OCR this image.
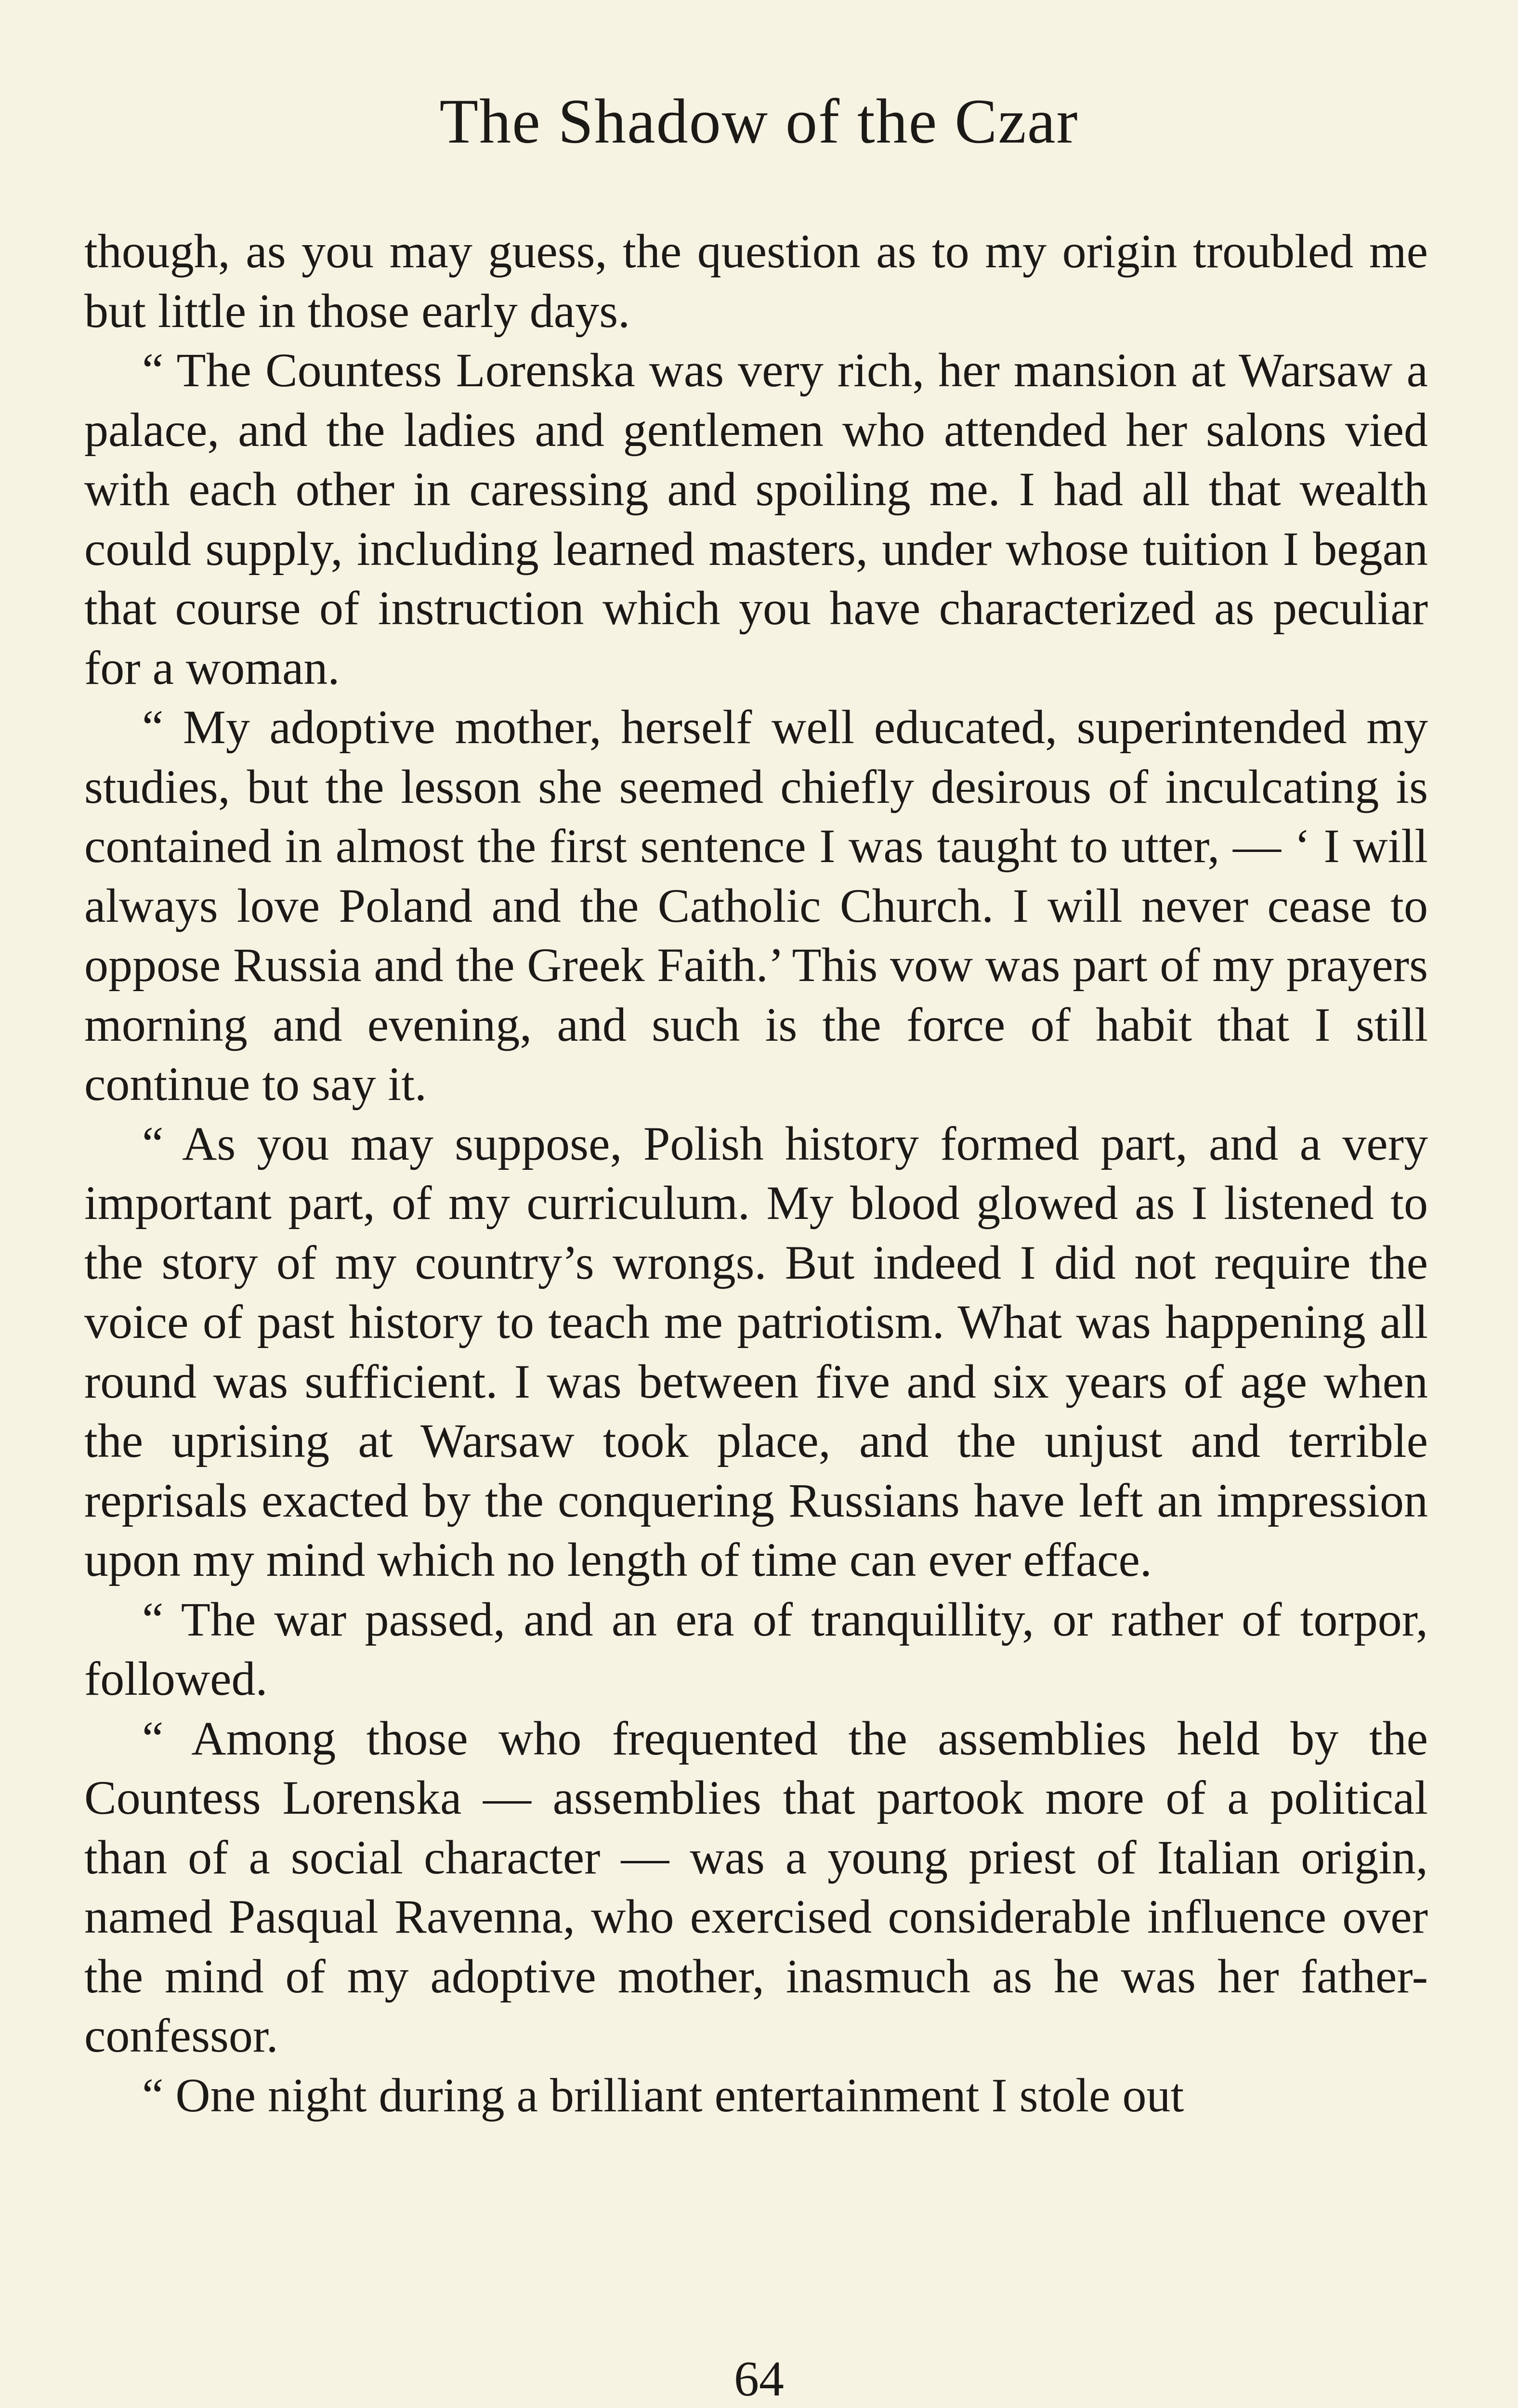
The Shadow of the Czar

though, as you may guess, the question as to my origin troubled me but little in those early days.

“ The Countess Lorenska was very rich, her mansion at Warsaw a palace, and the ladies and gentlemen who attended her salons vied with each other in caressing and spoiling me. I had all that wealth could supply, including learned masters, under whose tuition I began that course of instruction which you have characterized as peculiar for a woman.

“ My adoptive mother, herself well educated, superintended my studies, but the lesson she seemed chiefly desirous of inculcating is contained in almost the first sentence I was taught to utter, — ‘ I will always love Poland and the Catholic Church. I will never cease to oppose Russia and the Greek Faith.’ This vow was part of my prayers morning and evening, and such is the force of habit that I still continue to say it.

“ As you may suppose, Polish history formed part, and a very important part, of my curriculum. My blood glowed as I listened to the story of my country’s wrongs. But indeed I did not require the voice of past history to teach me patriotism. What was happening all round was sufficient. I was between five and six years of age when the uprising at Warsaw took place, and the unjust and terrible reprisals exacted by the conquering Russians have left an impression upon my mind which no length of time can ever efface.

“ The war passed, and an era of tranquillity, or rather of torpor, followed.

“ Among those who frequented the assemblies held by the Countess Lorenska — assemblies that partook more of a political than of a social character — was a young priest of Italian origin, named Pasqual Ravenna, who exercised considerable influence over the mind of my adoptive mother, inasmuch as he was her father-confessor.

“ One night during a brilliant entertainment I stole out

64
